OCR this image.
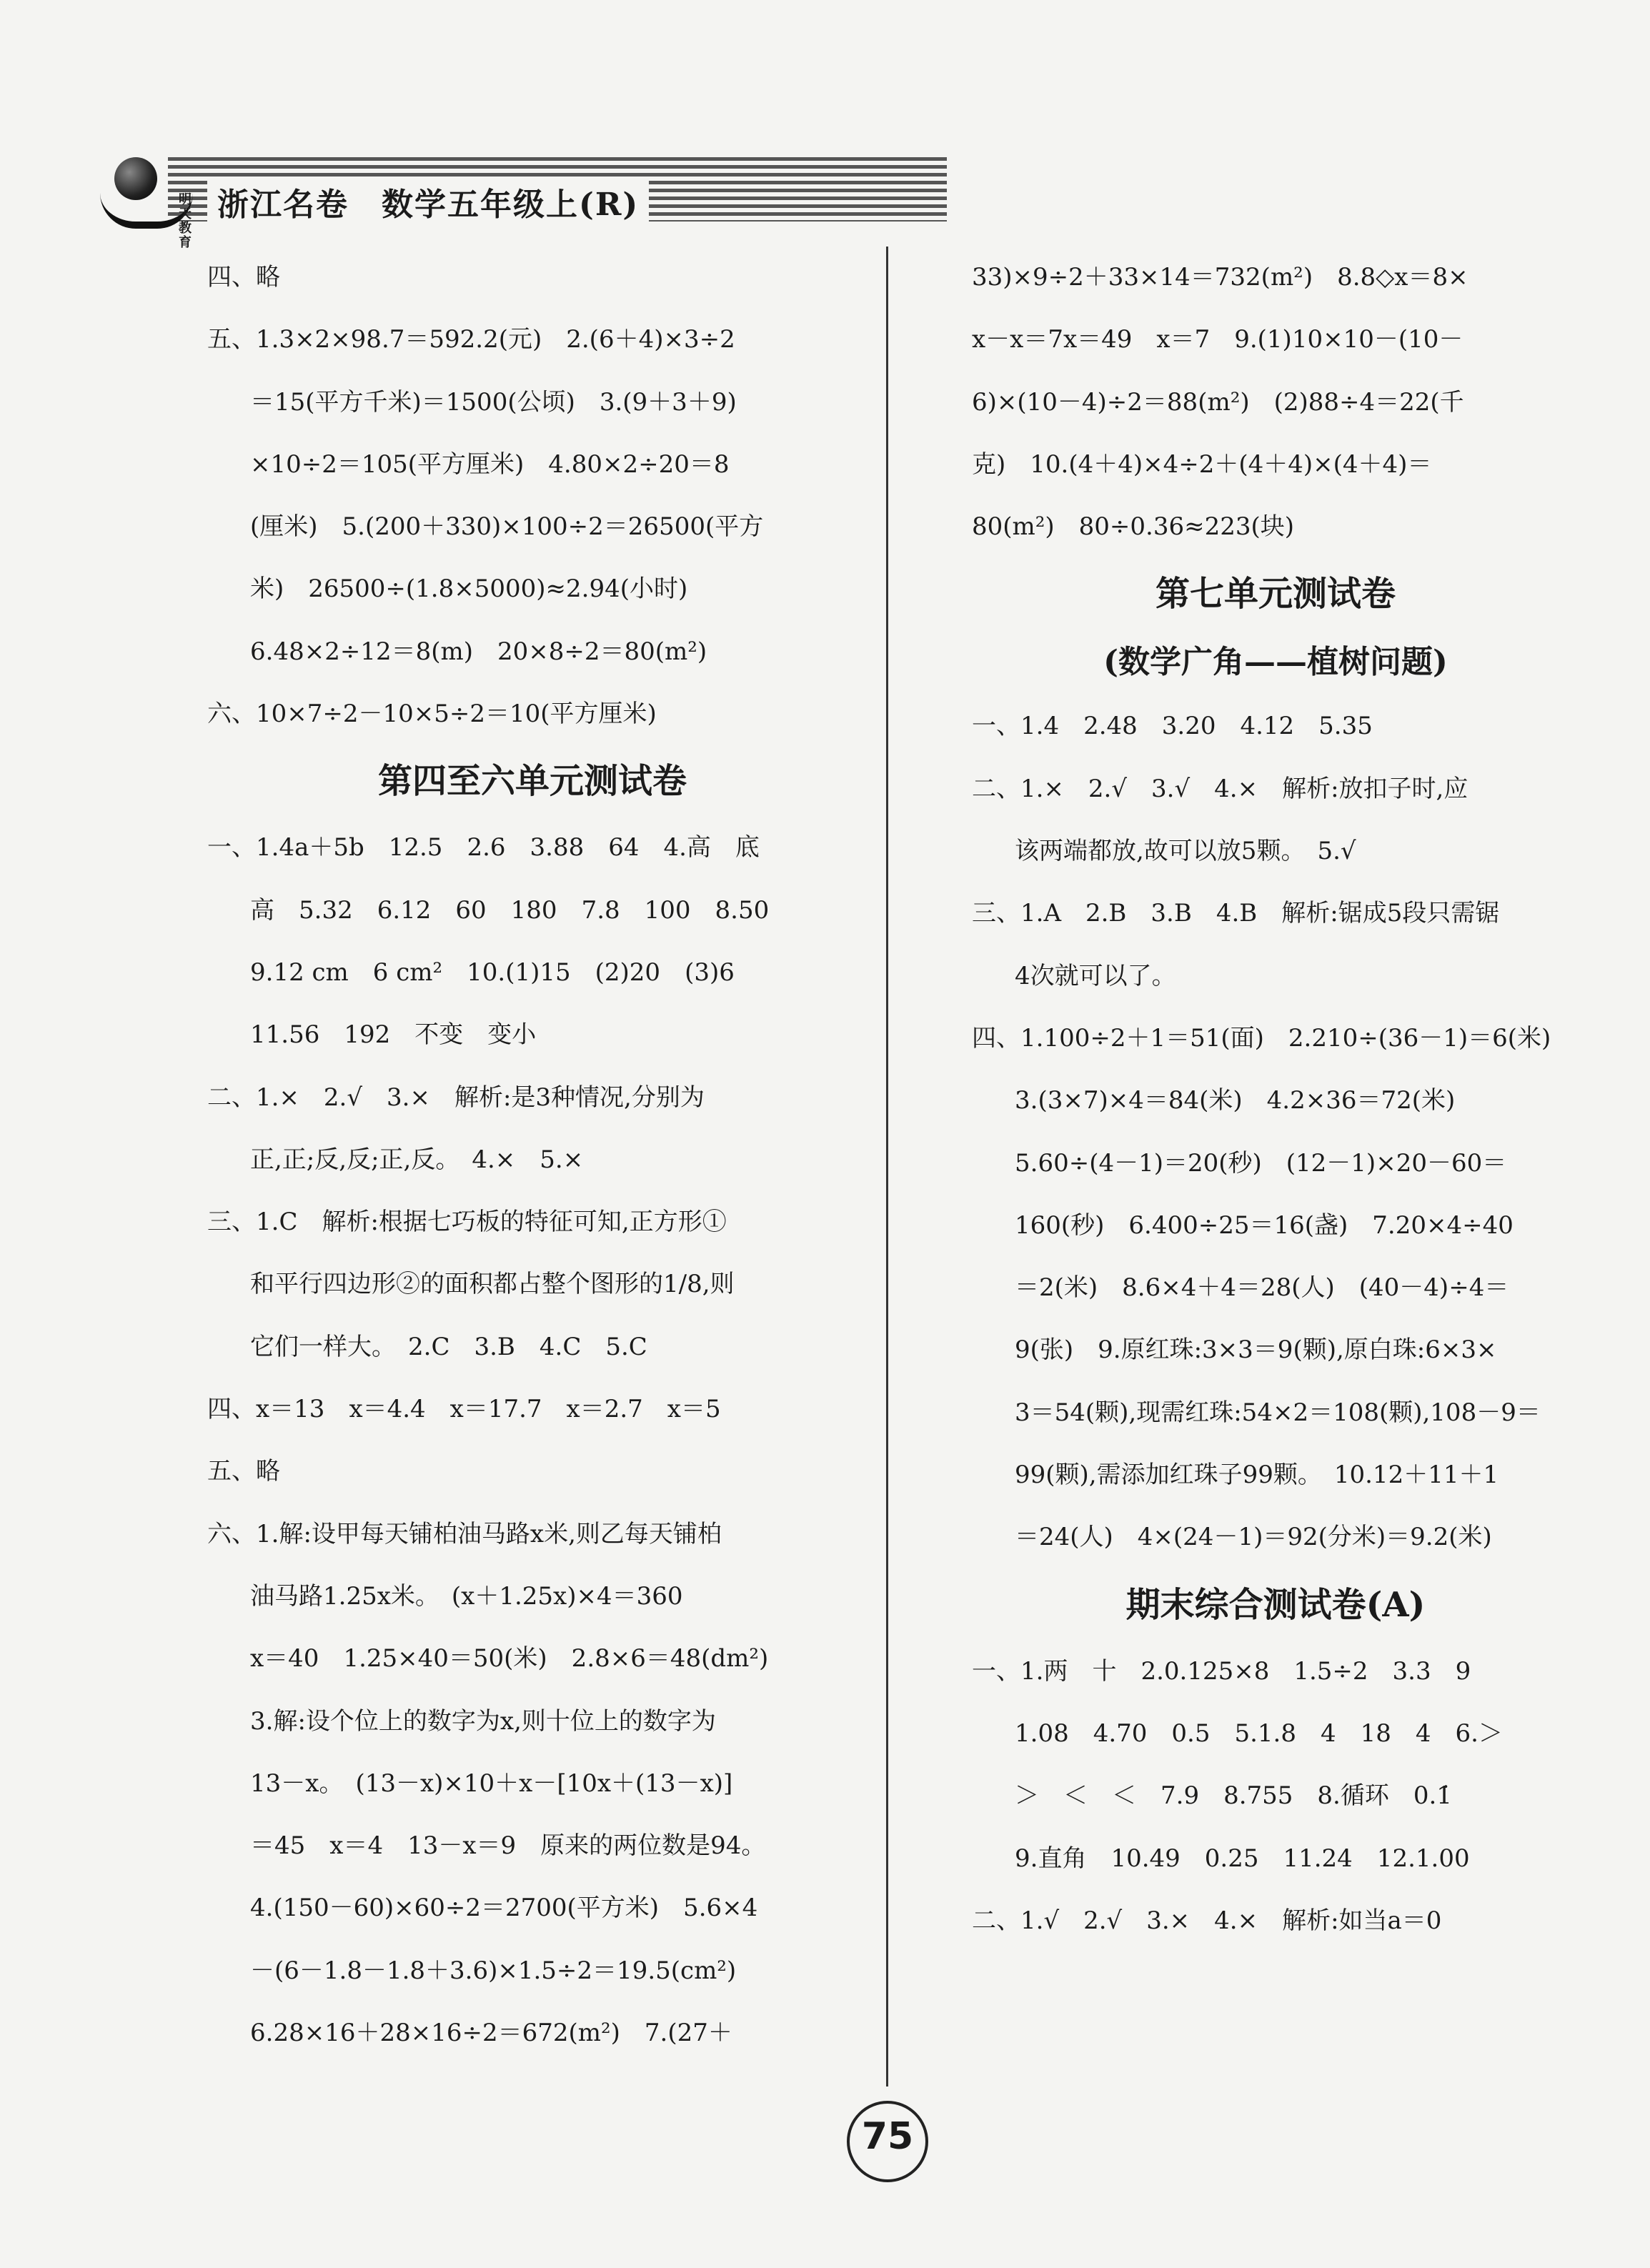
明天教育
浙江名卷　数学五年级上(R)
四、略
五、1.3×2×98.7＝592.2(元)　2.(6＋4)×3÷2
＝15(平方千米)＝1500(公顷)　3.(9＋3＋9)
×10÷2＝105(平方厘米)　4.80×2÷20＝8
(厘米)　5.(200＋330)×100÷2＝26500(平方
米)　26500÷(1.8×5000)≈2.94(小时)
6.48×2÷12＝8(m)　20×8÷2＝80(m²)
六、10×7÷2－10×5÷2＝10(平方厘米)
第四至六单元测试卷
一、1.4a＋5b　12.5　2.6　3.88　64　4.高　底
高　5.32　6.12　60　180　7.8　100　8.50
9.12 cm　6 cm²　10.(1)15　(2)20　(3)6
11.56　192　不变　变小
二、1.×　2.√　3.×　解析:是3种情况,分别为
正,正;反,反;正,反。　4.×　5.×
三、1.C　解析:根据七巧板的特征可知,正方形①
和平行四边形②的面积都占整个图形的1/8,则
它们一样大。　2.C　3.B　4.C　5.C
四、x＝13　x＝4.4　x＝17.7　x＝2.7　x＝5
五、略
六、1.解:设甲每天铺柏油马路x米,则乙每天铺柏
油马路1.25x米。　(x＋1.25x)×4＝360
x＝40　1.25×40＝50(米)　2.8×6＝48(dm²)
3.解:设个位上的数字为x,则十位上的数字为
13－x。　(13－x)×10＋x－[10x＋(13－x)]
＝45　x＝4　13－x＝9　原来的两位数是94。
4.(150－60)×60÷2＝2700(平方米)　5.6×4
－(6－1.8－1.8＋3.6)×1.5÷2＝19.5(cm²)
6.28×16＋28×16÷2＝672(m²)　7.(27＋
33)×9÷2＋33×14＝732(m²)　8.8◇x＝8×
x－x＝7x＝49　x＝7　9.(1)10×10－(10－
6)×(10－4)÷2＝88(m²)　(2)88÷4＝22(千
克)　10.(4＋4)×4÷2＋(4＋4)×(4＋4)＝
80(m²)　80÷0.36≈223(块)
第七单元测试卷
(数学广角——植树问题)
一、1.4　2.48　3.20　4.12　5.35
二、1.×　2.√　3.√　4.×　解析:放扣子时,应
该两端都放,故可以放5颗。　5.√
三、1.A　2.B　3.B　4.B　解析:锯成5段只需锯
4次就可以了。
四、1.100÷2＋1＝51(面)　2.210÷(36－1)＝6(米)
3.(3×7)×4＝84(米)　4.2×36＝72(米)
5.60÷(4－1)＝20(秒)　(12－1)×20－60＝
160(秒)　6.400÷25＝16(盏)　7.20×4÷40
＝2(米)　8.6×4＋4＝28(人)　(40－4)÷4＝
9(张)　9.原红珠:3×3＝9(颗),原白珠:6×3×
3＝54(颗),现需红珠:54×2＝108(颗),108－9＝
99(颗),需添加红珠子99颗。　10.12＋11＋1
＝24(人)　4×(24－1)＝92(分米)＝9.2(米)
期末综合测试卷(A)
一、1.两　十　2.0.125×8　1.5÷2　3.3　9
1.08　4.70　0.5　5.1.8　4　18　4　6.＞
＞　＜　＜　7.9　8.755　8.循环　0.1̇
9.直角　10.49　0.25　11.24　12.1.00
二、1.√　2.√　3.×　4.×　解析:如当a＝0
75
